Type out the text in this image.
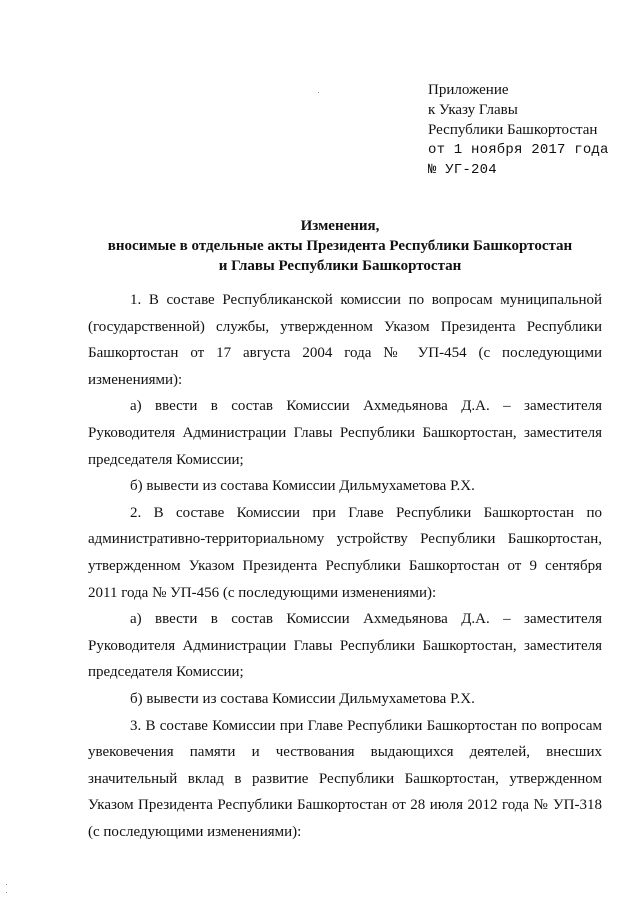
Приложение
к Указу Главы
Республики Башкортостан
от 1 ноября 2017 года
№ УГ-204
Изменения,
вносимые в отдельные акты Президента Республики Башкортостан
и Главы Республики Башкортостан

1. В составе Республиканской комиссии по вопросам муниципальной (государственной) службы, утвержденном Указом Президента Республики Башкортостан от 17 августа 2004 года № УП-454 (с последующими изменениями):

а) ввести в состав Комиссии Ахмедьянова Д.А. – заместителя Руководителя Администрации Главы Республики Башкортостан, заместителя председателя Комиссии;

б) вывести из состава Комиссии Дильмухаметова Р.Х.

2. В составе Комиссии при Главе Республики Башкортостан по административно-территориальному устройству Республики Башкортостан, утвержденном Указом Президента Республики Башкортостан от 9 сентября 2011 года № УП-456 (с последующими изменениями):

а) ввести в состав Комиссии Ахмедьянова Д.А. – заместителя Руководителя Администрации Главы Республики Башкортостан, заместителя председателя Комиссии;

б) вывести из состава Комиссии Дильмухаметова Р.Х.

3. В составе Комиссии при Главе Республики Башкортостан по вопросам увековечения памяти и чествования выдающихся деятелей, внесших значительный вклад в развитие Республики Башкортостан, утвержденном Указом Президента Республики Башкортостан от 28 июля 2012 года № УП-318 (с последующими изменениями):
